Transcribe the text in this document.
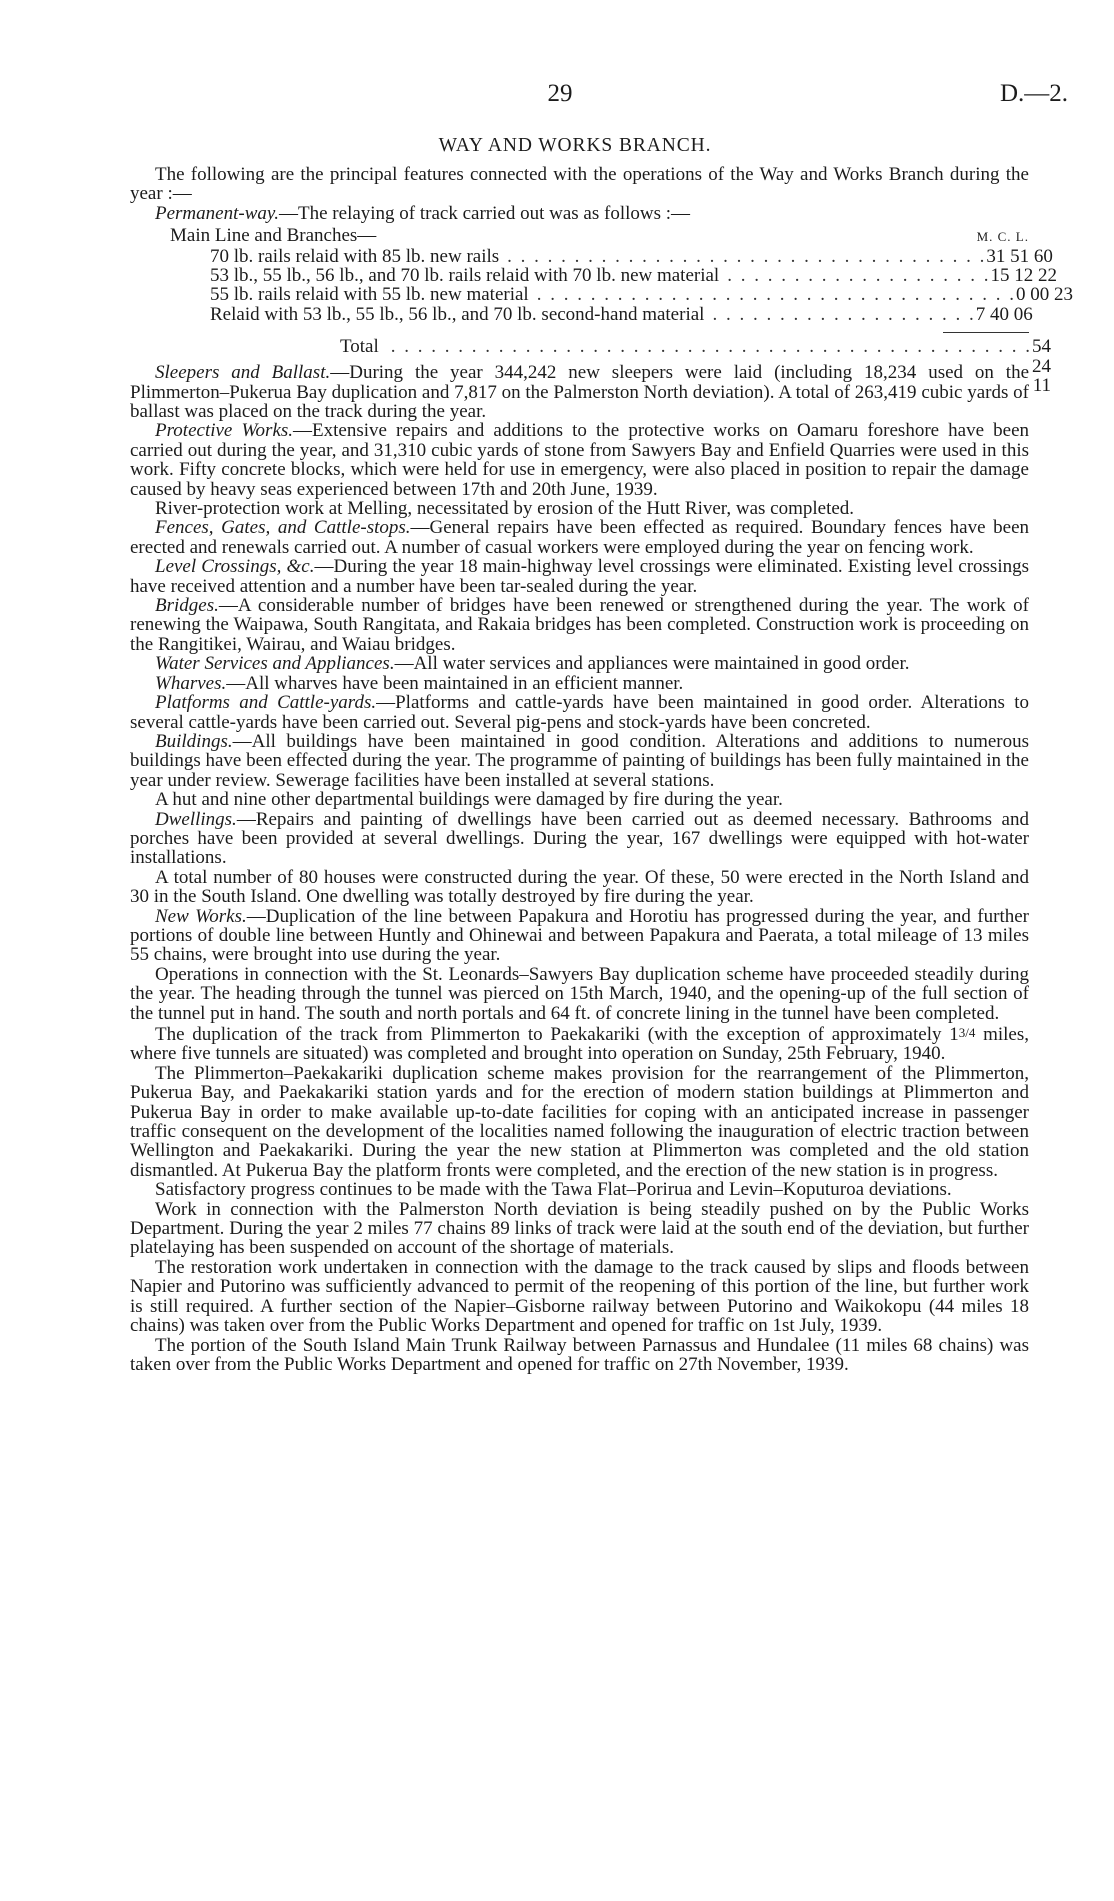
29	D.—2.
WAY AND WORKS BRANCH.

The following are the principal features connected with the operations of the Way and Works Branch during the year :—

Permanent-way.—The relaying of track carried out was as follows :—

Main Line and Branches—	M. C. L.
70 lb. rails relaid with 85 lb. new rails . . . . . . . . . . . . . . . . . . . . . . . . . . . . . . . . . . . . 31 51 60
53 lb., 55 lb., 56 lb., and 70 lb. rails relaid with 70 lb. new material . . . . . . . . . . . . . . . . . . . . 15 12 22
55 lb. rails relaid with 55 lb. new material . . . . . . . . . . . . . . . . . . . . . . . . . . . . . . . . . . . . 0 00 23
Relaid with 53 lb., 55 lb., 56 lb., and 70 lb. second-hand material . . . . . . . . . . . . . . . . . . . . 7 40 06
Total . . . . . . . . . . . . . . . . . . . . . . . . . . . . . . . . . . . . . . . . . . . . . . . . 54 24 11

Sleepers and Ballast.—During the year 344,242 new sleepers were laid (including 18,234 used on the Plimmerton–Pukerua Bay duplication and 7,817 on the Palmerston North deviation). A total of 263,419 cubic yards of ballast was placed on the track during the year.

Protective Works.—Extensive repairs and additions to the protective works on Oamaru foreshore have been carried out during the year, and 31,310 cubic yards of stone from Sawyers Bay and Enfield Quarries were used in this work. Fifty concrete blocks, which were held for use in emergency, were also placed in position to repair the damage caused by heavy seas experienced between 17th and 20th June, 1939.

River-protection work at Melling, necessitated by erosion of the Hutt River, was completed.

Fences, Gates, and Cattle-stops.—General repairs have been effected as required. Boundary fences have been erected and renewals carried out. A number of casual workers were employed during the year on fencing work.

Level Crossings, &c.—During the year 18 main-highway level crossings were eliminated. Existing level crossings have received attention and a number have been tar-sealed during the year.

Bridges.—A considerable number of bridges have been renewed or strengthened during the year. The work of renewing the Waipawa, South Rangitata, and Rakaia bridges has been completed. Construction work is proceeding on the Rangitikei, Wairau, and Waiau bridges.

Water Services and Appliances.—All water services and appliances were maintained in good order.

Wharves.—All wharves have been maintained in an efficient manner.

Platforms and Cattle-yards.—Platforms and cattle-yards have been maintained in good order. Alterations to several cattle-yards have been carried out. Several pig-pens and stock-yards have been concreted.

Buildings.—All buildings have been maintained in good condition. Alterations and additions to numerous buildings have been effected during the year. The programme of painting of buildings has been fully maintained in the year under review. Sewerage facilities have been installed at several stations.

A hut and nine other departmental buildings were damaged by fire during the year.

Dwellings.—Repairs and painting of dwellings have been carried out as deemed necessary. Bathrooms and porches have been provided at several dwellings. During the year, 167 dwellings were equipped with hot-water installations.

A total number of 80 houses were constructed during the year. Of these, 50 were erected in the North Island and 30 in the South Island. One dwelling was totally destroyed by fire during the year.

New Works.—Duplication of the line between Papakura and Horotiu has progressed during the year, and further portions of double line between Huntly and Ohinewai and between Papakura and Paerata, a total mileage of 13 miles 55 chains, were brought into use during the year.

Operations in connection with the St. Leonards–Sawyers Bay duplication scheme have proceeded steadily during the year. The heading through the tunnel was pierced on 15th March, 1940, and the opening-up of the full section of the tunnel put in hand. The south and north portals and 64 ft. of concrete lining in the tunnel have been completed.

The duplication of the track from Plimmerton to Paekakariki (with the exception of approximately 13/4 miles, where five tunnels are situated) was completed and brought into operation on Sunday, 25th February, 1940.

The Plimmerton–Paekakariki duplication scheme makes provision for the rearrangement of the Plimmerton, Pukerua Bay, and Paekakariki station yards and for the erection of modern station buildings at Plimmerton and Pukerua Bay in order to make available up-to-date facilities for coping with an anticipated increase in passenger traffic consequent on the development of the localities named following the inauguration of electric traction between Wellington and Paekakariki. During the year the new station at Plimmerton was completed and the old station dismantled. At Pukerua Bay the platform fronts were completed, and the erection of the new station is in progress.

Satisfactory progress continues to be made with the Tawa Flat–Porirua and Levin–Koputuroa deviations.

Work in connection with the Palmerston North deviation is being steadily pushed on by the Public Works Department. During the year 2 miles 77 chains 89 links of track were laid at the south end of the deviation, but further platelaying has been suspended on account of the shortage of materials.

The restoration work undertaken in connection with the damage to the track caused by slips and floods between Napier and Putorino was sufficiently advanced to permit of the reopening of this portion of the line, but further work is still required. A further section of the Napier–Gisborne railway between Putorino and Waikokopu (44 miles 18 chains) was taken over from the Public Works Department and opened for traffic on 1st July, 1939.

The portion of the South Island Main Trunk Railway between Parnassus and Hundalee (11 miles 68 chains) was taken over from the Public Works Department and opened for traffic on 27th November, 1939.
